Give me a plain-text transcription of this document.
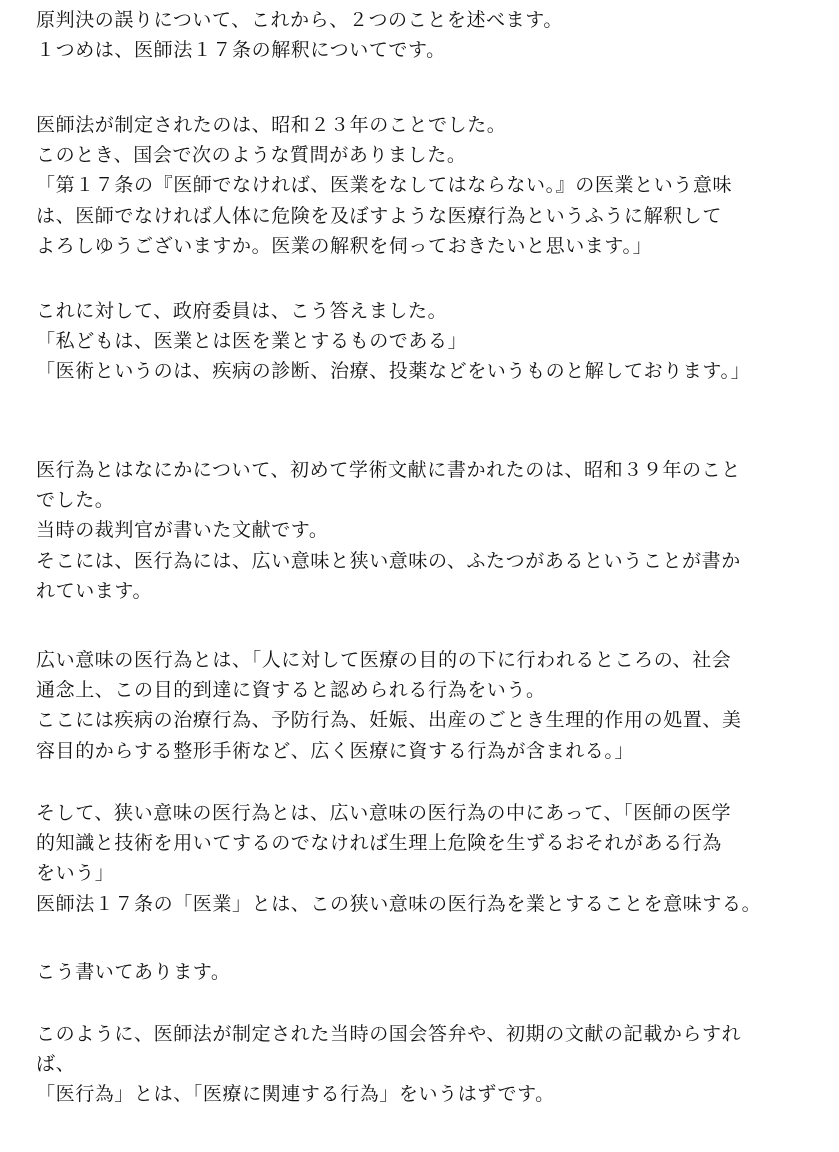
原判決の誤りについて、これから、２つのことを述べます。
１つめは、医師法１７条の解釈についてです。
医師法が制定されたのは、昭和２３年のことでした。
このとき、国会で次のような質問がありました。
「第１７条の『医師でなければ、医業をなしてはならない。』の医業という意味
は、医師でなければ人体に危険を及ぼすような医療行為というふうに解釈して
よろしゆうございますか。医業の解釈を伺っておきたいと思います。」
これに対して、政府委員は、こう答えました。
「私どもは、医業とは医を業とするものである」
「医術というのは、疾病の診断、治療、投薬などをいうものと解しております。」
医行為とはなにかについて、初めて学術文献に書かれたのは、昭和３９年のこと
でした。
当時の裁判官が書いた文献です。
そこには、医行為には、広い意味と狭い意味の、ふたつがあるということが書か
れています。
広い意味の医行為とは、「人に対して医療の目的の下に行われるところの、社会
通念上、この目的到達に資すると認められる行為をいう。
ここには疾病の治療行為、予防行為、妊娠、出産のごとき生理的作用の処置、美
容目的からする整形手術など、広く医療に資する行為が含まれる。」
そして、狭い意味の医行為とは、広い意味の医行為の中にあって、「医師の医学
的知識と技術を用いてするのでなければ生理上危険を生ずるおそれがある行為
をいう」
医師法１７条の「医業」とは、この狭い意味の医行為を業とすることを意味する。
こう書いてあります。
このように、医師法が制定された当時の国会答弁や、初期の文献の記載からすれ
ば、
「医行為」とは、「医療に関連する行為」をいうはずです。
